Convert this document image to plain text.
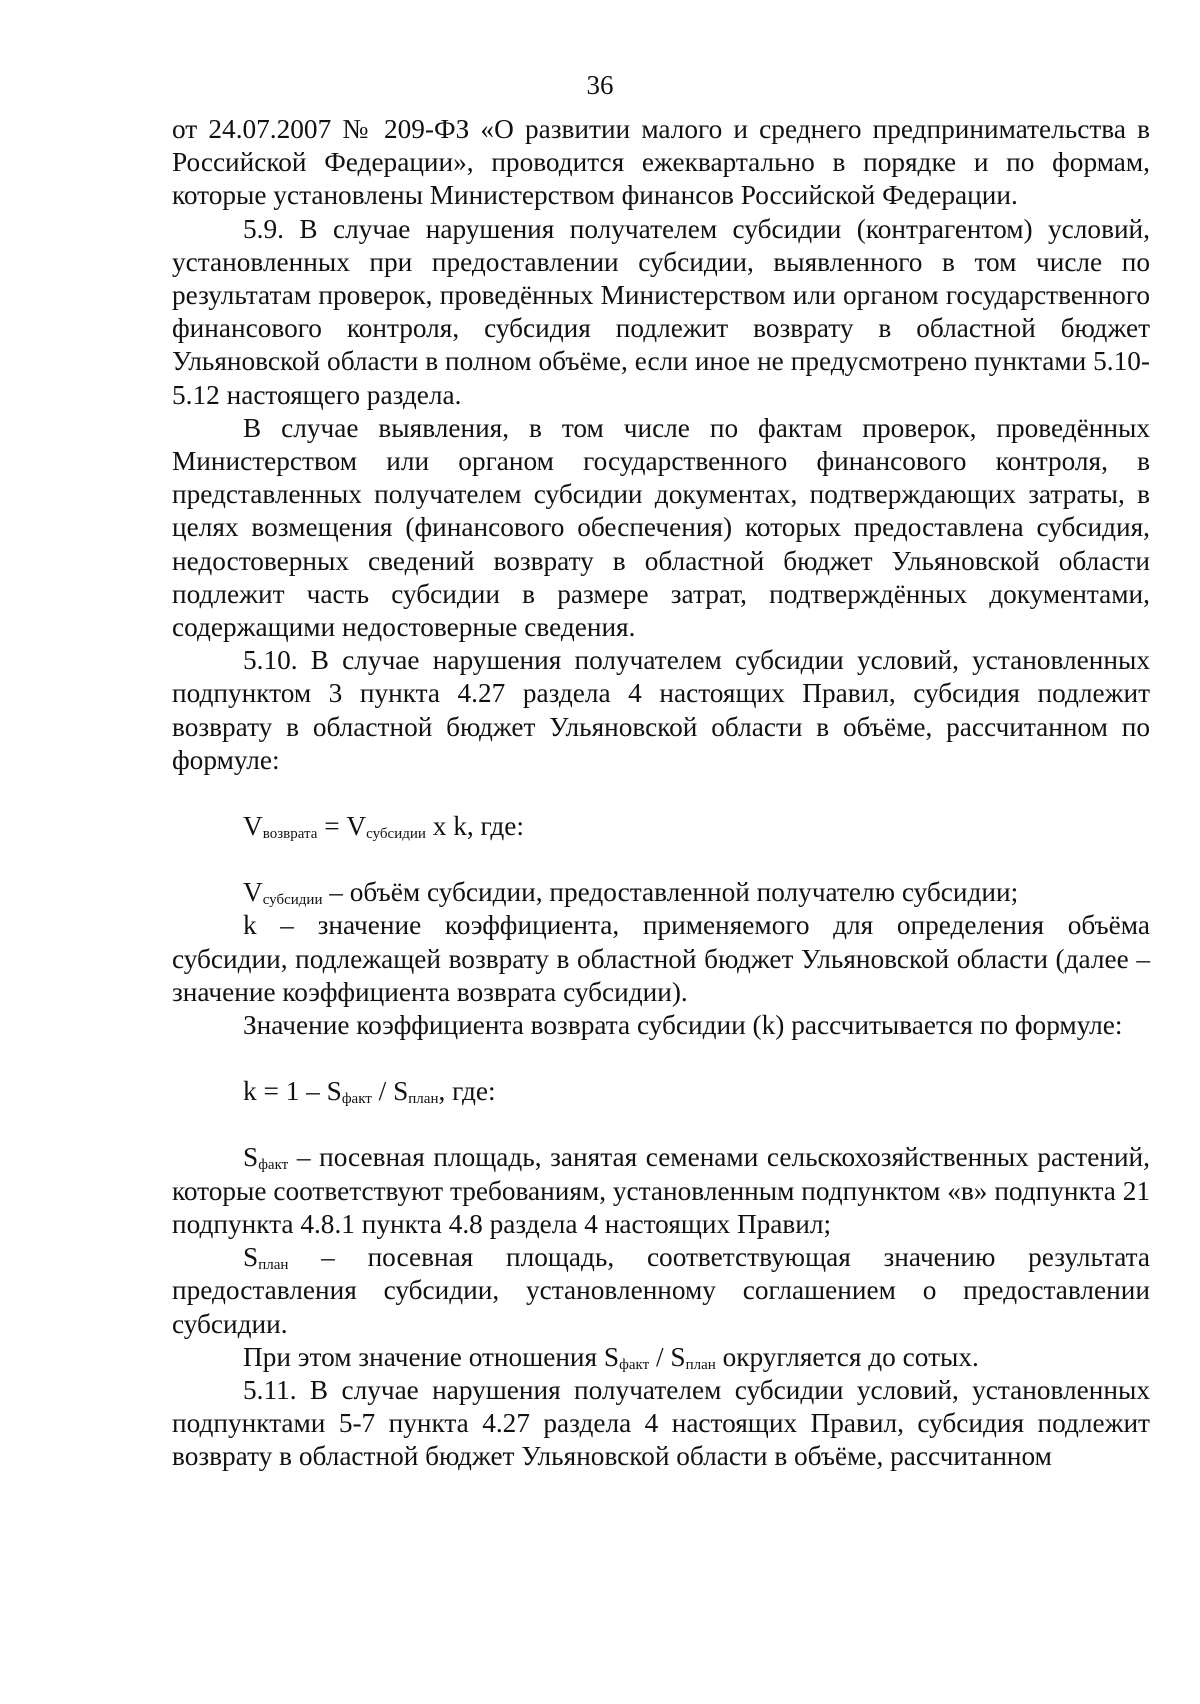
36

от 24.07.2007 № 209-ФЗ «О развитии малого и среднего предпринимательства в Российской Федерации», проводится ежеквартально в порядке и по формам, которые установлены Министерством финансов Российской Федерации.

5.9. В случае нарушения получателем субсидии (контрагентом) условий, установленных при предоставлении субсидии, выявленного в том числе по результатам проверок, проведённых Министерством или органом государственного финансового контроля, субсидия подлежит возврату в областной бюджет Ульяновской области в полном объёме, если иное не предусмотрено пунктами 5.10-5.12 настоящего раздела.

В случае выявления, в том числе по фактам проверок, проведённых Министерством или органом государственного финансового контроля, в представленных получателем субсидии документах, подтверждающих затраты, в целях возмещения (финансового обеспечения) которых предоставлена субсидия, недостоверных сведений возврату в областной бюджет Ульяновской области подлежит часть субсидии в размере затрат, подтверждённых документами, содержащими недостоверные сведения.

5.10. В случае нарушения получателем субсидии условий, установленных подпунктом 3 пункта 4.27 раздела 4 настоящих Правил, субсидия подлежит возврату в областной бюджет Ульяновской области в объёме, рассчитанном по формуле:

$V_{возврата} = V_{субсидии}$ x k, где:

$V_{субсидии}$ – объём субсидии, предоставленной получателю субсидии;

k – значение коэффициента, применяемого для определения объёма субсидии, подлежащей возврату в областной бюджет Ульяновской области (далее – значение коэффициента возврата субсидии).

Значение коэффициента возврата субсидии (k) рассчитывается по формуле:

$k = 1 - S_{факт} / S_{план}$, где:

$S_{факт}$ – посевная площадь, занятая семенами сельскохозяйственных растений, которые соответствуют требованиям, установленным подпунктом «в» подпункта 21 подпункта 4.8.1 пункта 4.8 раздела 4 настоящих Правил;

$S_{план}$ – посевная площадь, соответствующая значению результата предоставления субсидии, установленному соглашением о предоставлении субсидии.

При этом значение отношения $S_{факт} / S_{план}$ округляется до сотых.

5.11. В случае нарушения получателем субсидии условий, установленных подпунктами 5-7 пункта 4.27 раздела 4 настоящих Правил, субсидия подлежит возврату в областной бюджет Ульяновской области в объёме, рассчитанном
